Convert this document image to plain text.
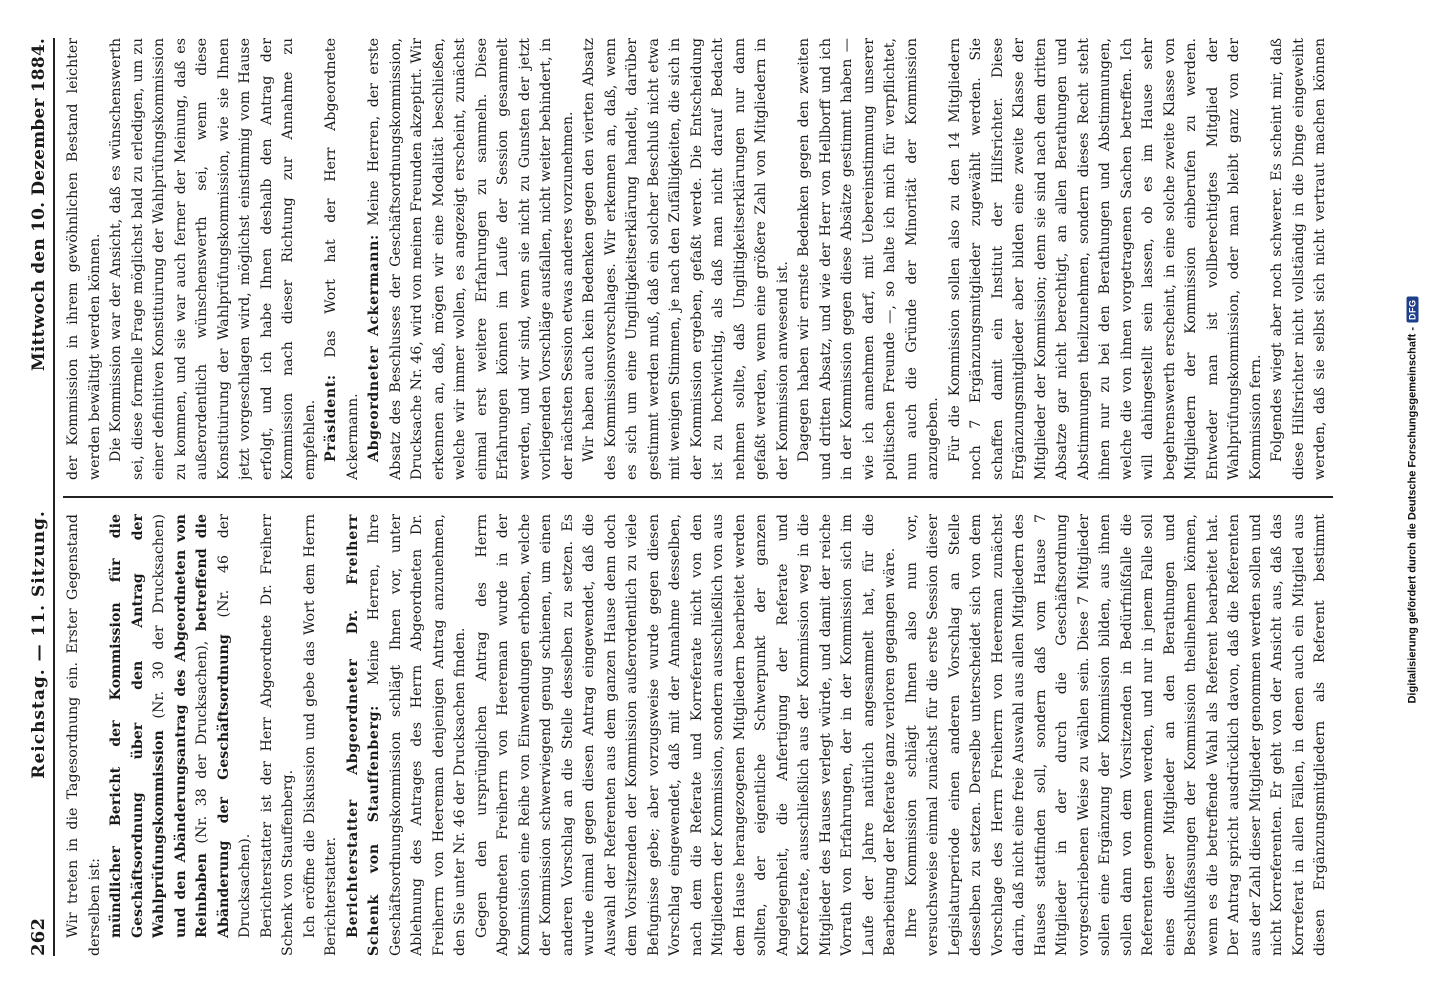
262
Reichstag. — 11. Sitzung.
Mittwoch den 10. Dezember 1884.

Wir treten in die Tagesordnung ein. Erster Gegenstand derselben ist: mündlicher Bericht der Kommission für die Geschäftsordnung über den Antrag der Wahlprüfungskommission (Nr. 30 der Drucksachen) und den Abänderungsantrag des Abgeordneten von Reinbaben (Nr. 38 der Drucksachen), betreffend die Abänderung der Geschäftsordnung (Nr. 46 der Drucksachen). Berichterstatter ist der Herr Abgeordnete Dr. Freiherr Schenk von Stauffenberg. Ich eröffne die Diskussion und gebe das Wort dem Herrn Berichterstatter. Berichterstatter Abgeordneter Dr. Freiherr Schenk von Stauffenberg: Meine Herren, Ihre Geschäftsordnungskommission schlägt Ihnen vor, unter Ablehnung des Antrages des Herrn Abgeordneten Dr. Freiherrn von Heereman denjenigen Antrag anzunehmen, den Sie unter Nr. 46 der Drucksachen finden. Gegen den ursprünglichen Antrag des Herrn Abgeordneten Freiherrn von Heereman wurde in der Kommission eine Reihe von Einwendungen erhoben, welche der Kommission schwerwiegend genug schienen, um einen anderen Vorschlag an die Stelle desselben zu setzen. Es wurde einmal gegen diesen Antrag eingewendet, daß die Auswahl der Referenten aus dem ganzen Hause denn doch dem Vorsitzenden der Kommission außerordentlich zu viele Befugnisse gebe; aber vorzugsweise wurde gegen diesen Vorschlag eingewendet, daß mit der Annahme desselben, nach dem die Referate und Korreferate nicht von den Mitgliedern der Kommission, sondern ausschließlich von aus dem Hause herangezogenen Mitgliedern bearbeitet werden sollten, der eigentliche Schwerpunkt der ganzen Angelegenheit, die Anfertigung der Referate und Korreferate, ausschließlich aus der Kommission weg in die Mitglieder des Hauses verlegt würde, und damit der reiche Vorrath von Erfahrungen, der in der Kommission sich im Laufe der Jahre natürlich angesammelt hat, für die Bearbeitung der Referate ganz verloren gegangen wäre. Ihre Kommission schlägt Ihnen also nun vor, versuchsweise einmal zunächst für die erste Session dieser Legislaturperiode einen anderen Vorschlag an Stelle desselben zu setzen. Derselbe unterscheidet sich von dem Vorschlage des Herrn Freiherrn von Heereman zunächst darin, daß nicht eine freie Auswahl aus allen Mitgliedern des Hauses stattfinden soll, sondern daß vom Hause 7 Mitglieder in der durch die Geschäftsordnung vorgeschriebenen Weise zu wählen sein. Diese 7 Mitglieder sollen eine Ergänzung der Kommission bilden, aus ihnen sollen dann von dem Vorsitzenden in Bedürfnißfalle die Referenten genommen werden, und nur in jenem Falle soll eines dieser Mitglieder an den Berathungen und Beschlußfassungen der Kommission theilnehmen können, wenn es die betreffende Wahl als Referent bearbeitet hat. Der Antrag spricht ausdrücklich davon, daß die Referenten aus der Zahl dieser Mitglieder genommen werden sollen und nicht Korreferenten. Er geht von der Ansicht aus, daß das Korreferat in allen Fällen, in denen auch ein Mitglied aus diesen Ergänzungsmitgliedern als Referent bestimmt

der Kommission in ihrem gewöhnlichen Bestand leichter werden bewältigt werden können. Die Kommission war der Ansicht, daß es wünschenswerth sei, diese formelle Frage möglichst bald zu erledigen, um zu einer definitiven Konstituirung der Wahlprüfungskommission zu kommen, und sie war auch ferner der Meinung, daß es außerordentlich wünschenswerth sei, wenn diese Konstituirung der Wahlprüfungskommission, wie sie Ihnen jetzt vorgeschlagen wird, möglichst einstimmig vom Hause erfolgt, und ich habe Ihnen deshalb den Antrag der Kommission nach dieser Richtung zur Annahme zu empfehlen. Präsident: Das Wort hat der Herr Abgeordnete Ackermann. Abgeordneter Ackermann: Meine Herren, der erste Absatz des Beschlusses der Geschäftsordnungskommission, Drucksache Nr. 46, wird von meinen Freunden akzeptirt. Wir erkennen an, daß, mögen wir eine Modalität beschließen, welche wir immer wollen, es angezeigt erscheint, zunächst einmal erst weitere Erfahrungen zu sammeln. Diese Erfahrungen können im Laufe der Session gesammelt werden, und wir sind, wenn sie nicht zu Gunsten der jetzt vorliegenden Vorschläge ausfallen, nicht weiter behindert, in der nächsten Session etwas anderes vorzunehmen. Wir haben auch kein Bedenken gegen den vierten Absatz des Kommissionsvorschlages. Wir erkennen an, daß, wenn es sich um eine Ungiltigkeitserklärung handelt, darüber gestimmt werden muß, daß ein solcher Beschluß nicht etwa mit wenigen Stimmen, je nach den Zufälligkeiten, die sich in der Kommission ergeben, gefaßt werde. Die Entscheidung ist zu hochwichtig, als daß man nicht darauf Bedacht nehmen sollte, daß Ungiltigkeitserklärungen nur dann gefaßt werden, wenn eine größere Zahl von Mitgliedern in der Kommission anwesend ist. Dagegen haben wir ernste Bedenken gegen den zweiten und dritten Absatz, und wie der Herr von Hellborff und ich in der Kommission gegen diese Absätze gestimmt haben — wie ich annehmen darf, mit Uebereinstimmung unserer politischen Freunde —, so halte ich mich für verpflichtet, nun auch die Gründe der Minorität der Kommission anzugeben. Für die Kommission sollen also zu den 14 Mitgliedern noch 7 Ergänzungsmitglieder zugewählt werden. Sie schaffen damit ein Institut der Hilfsrichter. Diese Ergänzungsmitglieder aber bilden eine zweite Klasse der Mitglieder der Kommission; denn sie sind nach dem dritten Absatze gar nicht berechtigt, an allen Berathungen und Abstimmungen theilzunehmen, sondern dieses Recht steht ihnen nur zu bei den Berathungen und Abstimmungen, welche die von ihnen vorgetragenen Sachen betreffen. Ich will dahingestellt sein lassen, ob es im Hause sehr begehrenswerth erscheint, in eine solche zweite Klasse von Mitgliedern der Kommission einberufen zu werden. Entweder man ist vollberechtigtes Mitglied der Wahlprüfungskommission, oder man bleibt ganz von der Kommission fern. Folgendes wiegt aber noch schwerer. Es scheint mir, daß diese Hilfsrichter nicht vollständig in die Dinge eingeweiht werden, daß sie selbst sich nicht vertraut machen können

Digitalisierung gefördert durch die Deutsche Forschungsgemeinschaft -
DFG
